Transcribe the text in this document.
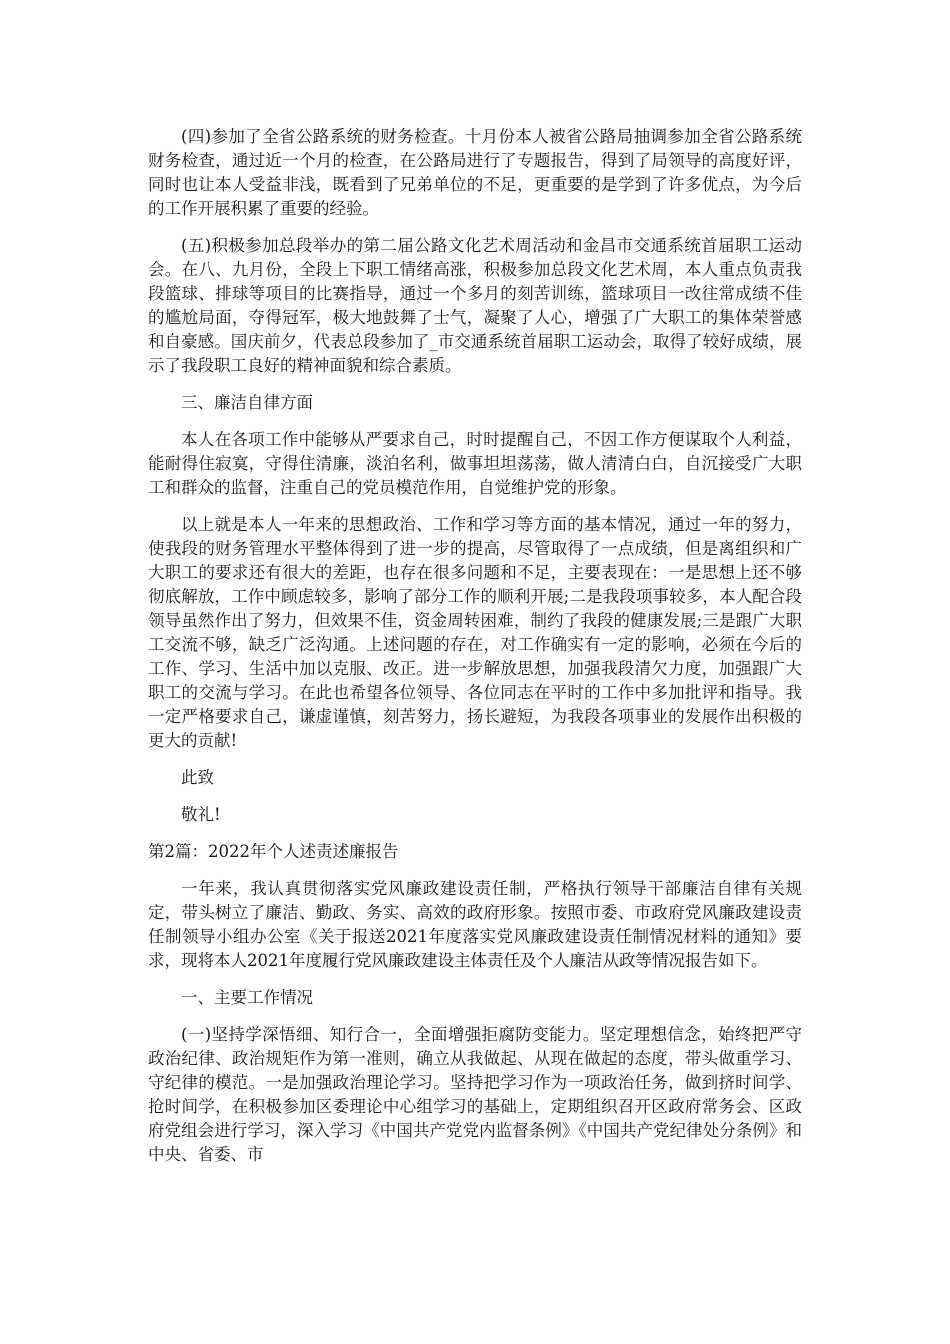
(四)参加了全省公路系统的财务检查。十月份本人被省公路局抽调参加全省公路系统财务检查，通过近一个月的检查，在公路局进行了专题报告，得到了局领导的高度好评，同时也让本人受益非浅，既看到了兄弟单位的不足，更重要的是学到了许多优点，为今后的工作开展积累了重要的经验。

(五)积极参加总段举办的第二届公路文化艺术周活动和金昌市交通系统首届职工运动会。在八、九月份，全段上下职工情绪高涨，积极参加总段文化艺术周，本人重点负责我段篮球、排球等项目的比赛指导，通过一个多月的刻苦训练，篮球项目一改往常成绩不佳的尴尬局面，夺得冠军，极大地鼓舞了士气，凝聚了人心，增强了广大职工的集体荣誉感和自豪感。国庆前夕，代表总段参加了_市交通系统首届职工运动会，取得了较好成绩，展示了我段职工良好的精神面貌和综合素质。

三、廉洁自律方面

本人在各项工作中能够从严要求自己，时时提醒自己，不因工作方便谋取个人利益，能耐得住寂寞，守得住清廉，淡泊名利，做事坦坦荡荡，做人清清白白，自沉接受广大职工和群众的监督，注重自己的党员模范作用，自觉维护党的形象。

以上就是本人一年来的思想政治、工作和学习等方面的基本情况，通过一年的努力，使我段的财务管理水平整体得到了进一步的提高，尽管取得了一点成绩，但是离组织和广大职工的要求还有很大的差距，也存在很多问题和不足，主要表现在：一是思想上还不够彻底解放，工作中顾虑较多，影响了部分工作的顺利开展;二是我段项事较多，本人配合段领导虽然作出了努力，但效果不佳，资金周转困难，制约了我段的健康发展;三是跟广大职工交流不够，缺乏广泛沟通。上述问题的存在，对工作确实有一定的影响，必须在今后的工作、学习、生活中加以克服、改正。进一步解放思想，加强我段清欠力度，加强跟广大职工的交流与学习。在此也希望各位领导、各位同志在平时的工作中多加批评和指导。我一定严格要求自己，谦虚谨慎，刻苦努力，扬长避短，为我段各项事业的发展作出积极的更大的贡献!

此致

敬礼!

第2篇：2022年个人述责述廉报告

一年来，我认真贯彻落实党风廉政建设责任制，严格执行领导干部廉洁自律有关规定，带头树立了廉洁、勤政、务实、高效的政府形象。按照市委、市政府党风廉政建设责任制领导小组办公室《关于报送2021年度落实党风廉政建设责任制情况材料的通知》要求，现将本人2021年度履行党风廉政建设主体责任及个人廉洁从政等情况报告如下。

一、主要工作情况

(一)坚持学深悟细、知行合一，全面增强拒腐防变能力。坚定理想信念，始终把严守政治纪律、政治规矩作为第一准则，确立从我做起、从现在做起的态度，带头做重学习、守纪律的模范。一是加强政治理论学习。坚持把学习作为一项政治任务，做到挤时间学、抢时间学，在积极参加区委理论中心组学习的基础上，定期组织召开区政府常务会、区政府党组会进行学习，深入学习《中国共产党党内监督条例》《中国共产党纪律处分条例》和中央、省委、市
